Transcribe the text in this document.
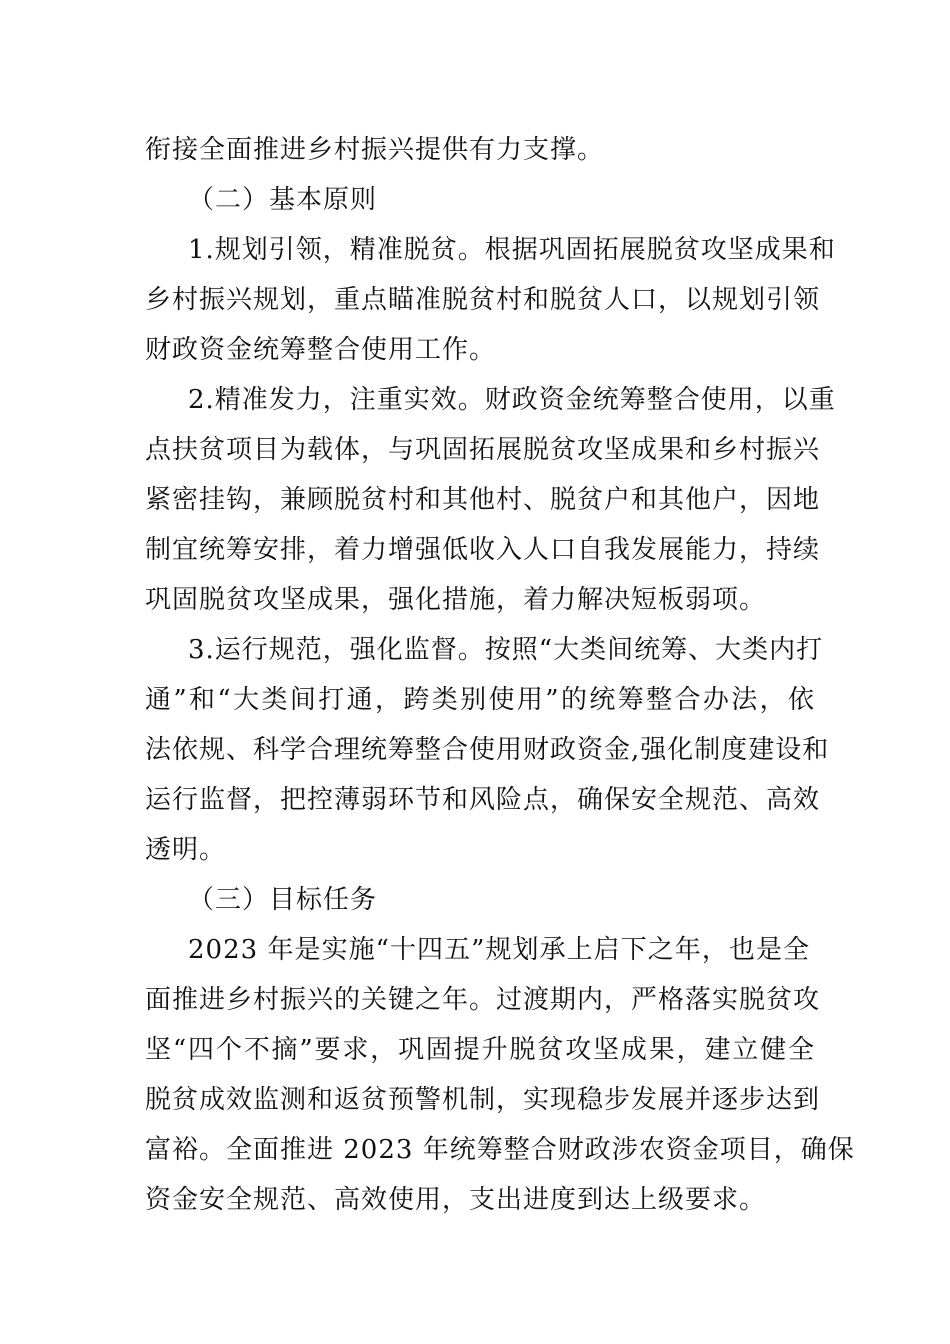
衔接全面推进乡村振兴提供有力支撑。
（二）基本原则
1.规划引领，精准脱贫。根据巩固拓展脱贫攻坚成果和
乡村振兴规划，重点瞄准脱贫村和脱贫人口，以规划引领
财政资金统筹整合使用工作。
2.精准发力，注重实效。财政资金统筹整合使用，以重
点扶贫项目为载体，与巩固拓展脱贫攻坚成果和乡村振兴
紧密挂钩，兼顾脱贫村和其他村、脱贫户和其他户，因地
制宜统筹安排，着力增强低收入人口自我发展能力，持续
巩固脱贫攻坚成果，强化措施，着力解决短板弱项。
3.运行规范，强化监督。按照“大类间统筹、大类内打
通”和“大类间打通，跨类别使用”的统筹整合办法，依
法依规、科学合理统筹整合使用财政资金,强化制度建设和
运行监督，把控薄弱环节和风险点，确保安全规范、高效
透明。
（三）目标任务
2023 年是实施“十四五”规划承上启下之年，也是全
面推进乡村振兴的关键之年。过渡期内，严格落实脱贫攻
坚“四个不摘”要求，巩固提升脱贫攻坚成果，建立健全
脱贫成效监测和返贫预警机制，实现稳步发展并逐步达到
富裕。全面推进 2023 年统筹整合财政涉农资金项目，确保
资金安全规范、高效使用，支出进度到达上级要求。
